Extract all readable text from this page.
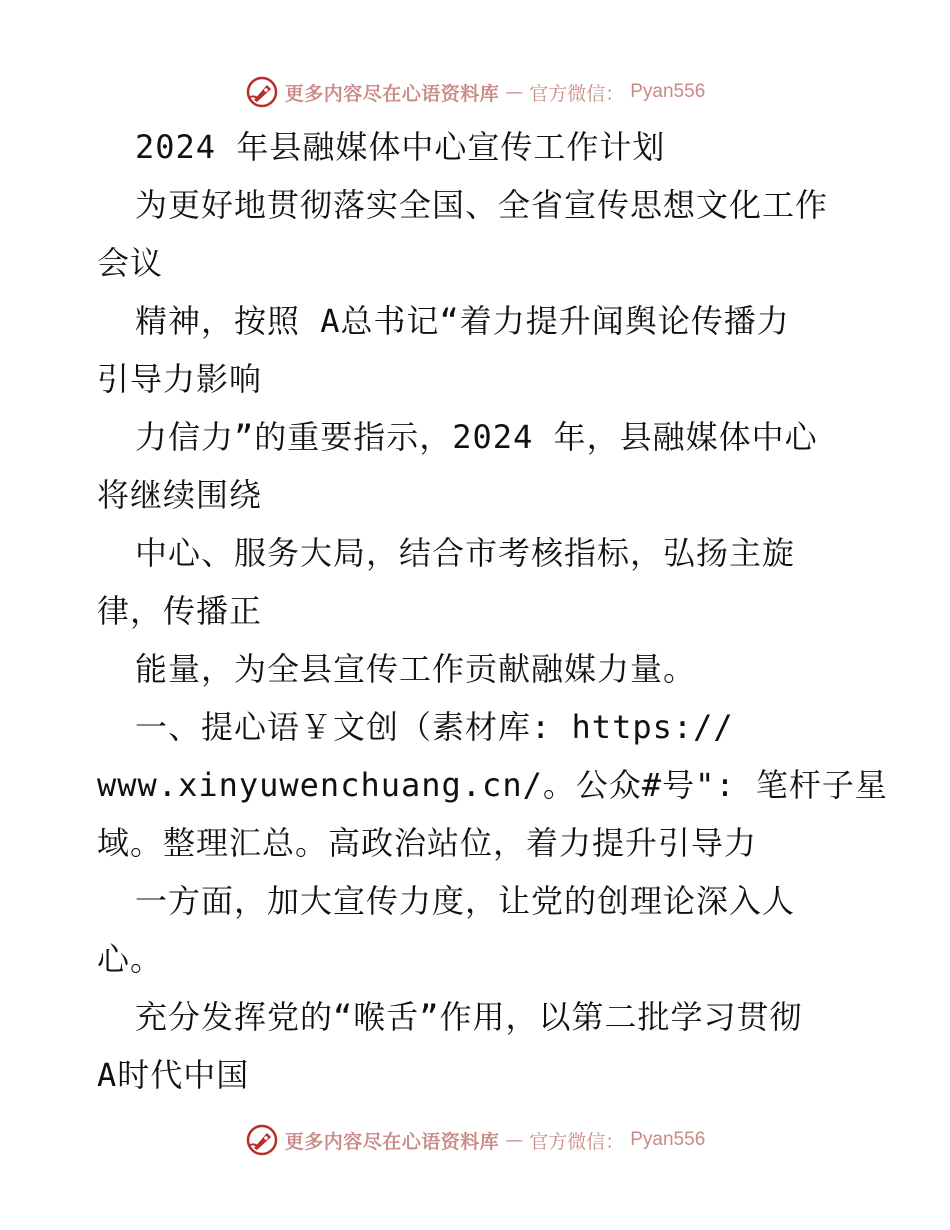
更多内容尽在心语资料库 — 官方微信： Pyan556
2024 年县融媒体中心宣传工作计划
为更好地贯彻落实全国、全省宣传思想文化工作
会议
精神，按照 A总书记“着力提升闻舆论传播力
引导力影响
力信力”的重要指示，2024 年，县融媒体中心
将继续围绕
中心、服务大局，结合市考核指标，弘扬主旋
律，传播正
能量，为全县宣传工作贡献融媒力量。
一、提心语￥文创（素材库: https://
www.xinyuwenchuang.cn/。公众#号": 笔杆子星
域。整理汇总。高政治站位，着力提升引导力
一方面，加大宣传力度，让党的创理论深入人
心。
充分发挥党的“喉舌”作用，以第二批学习贯彻
A时代中国
更多内容尽在心语资料库 — 官方微信： Pyan556
